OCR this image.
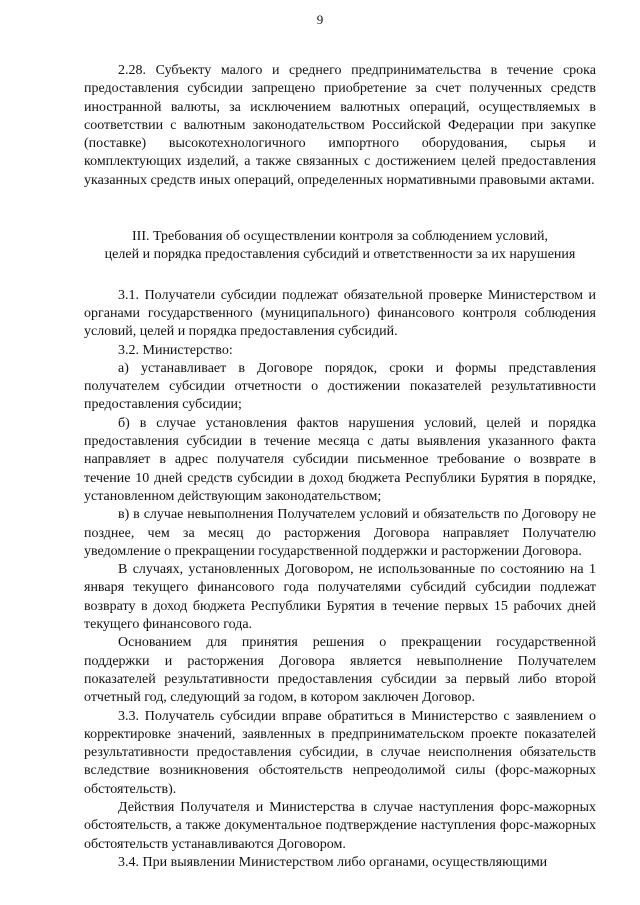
9

2.28. Субъекту малого и среднего предпринимательства в течение срока предоставления субсидии запрещено приобретение за счет полученных средств иностранной валюты, за исключением валютных операций, осуществляемых в соответствии с валютным законодательством Российской Федерации при закупке (поставке) высокотехнологичного импортного оборудования, сырья и комплектующих изделий, а также связанных с достижением целей предоставления указанных средств иных операций, определенных нормативными правовыми актами.

III. Требования об осуществлении контроля за соблюдением условий,
целей и порядка предоставления субсидий и ответственности за их нарушения

3.1. Получатели субсидии подлежат обязательной проверке Министерством и органами государственного (муниципального) финансового контроля соблюдения условий, целей и порядка предоставления субсидий.

3.2. Министерство:

а) устанавливает в Договоре порядок, сроки и формы представления получателем субсидии отчетности о достижении показателей результативности предоставления субсидии;

б) в случае установления фактов нарушения условий, целей и порядка предоставления субсидии в течение месяца с даты выявления указанного факта направляет в адрес получателя субсидии письменное требование о возврате в течение 10 дней средств субсидии в доход бюджета Республики Бурятия в порядке, установленном действующим законодательством;

в) в случае невыполнения Получателем условий и обязательств по Договору не позднее, чем за месяц до расторжения Договора направляет Получателю уведомление о прекращении государственной поддержки и расторжении Договора.

В случаях, установленных Договором, не использованные по состоянию на 1 января текущего финансового года получателями субсидий субсидии подлежат возврату в доход бюджета Республики Бурятия в течение первых 15 рабочих дней текущего финансового года.

Основанием для принятия решения о прекращении государственной поддержки и расторжения Договора является невыполнение Получателем показателей результативности предоставления субсидии за первый либо второй отчетный год, следующий за годом, в котором заключен Договор.

3.3. Получатель субсидии вправе обратиться в Министерство с заявлением о корректировке значений, заявленных в предпринимательском проекте показателей результативности предоставления субсидии, в случае неисполнения обязательств вследствие возникновения обстоятельств непреодолимой силы (форс-мажорных обстоятельств).

Действия Получателя и Министерства в случае наступления форс-мажорных обстоятельств, а также документальное подтверждение наступления форс-мажорных обстоятельств устанавливаются Договором.

3.4. При выявлении Министерством либо органами, осуществляющими
